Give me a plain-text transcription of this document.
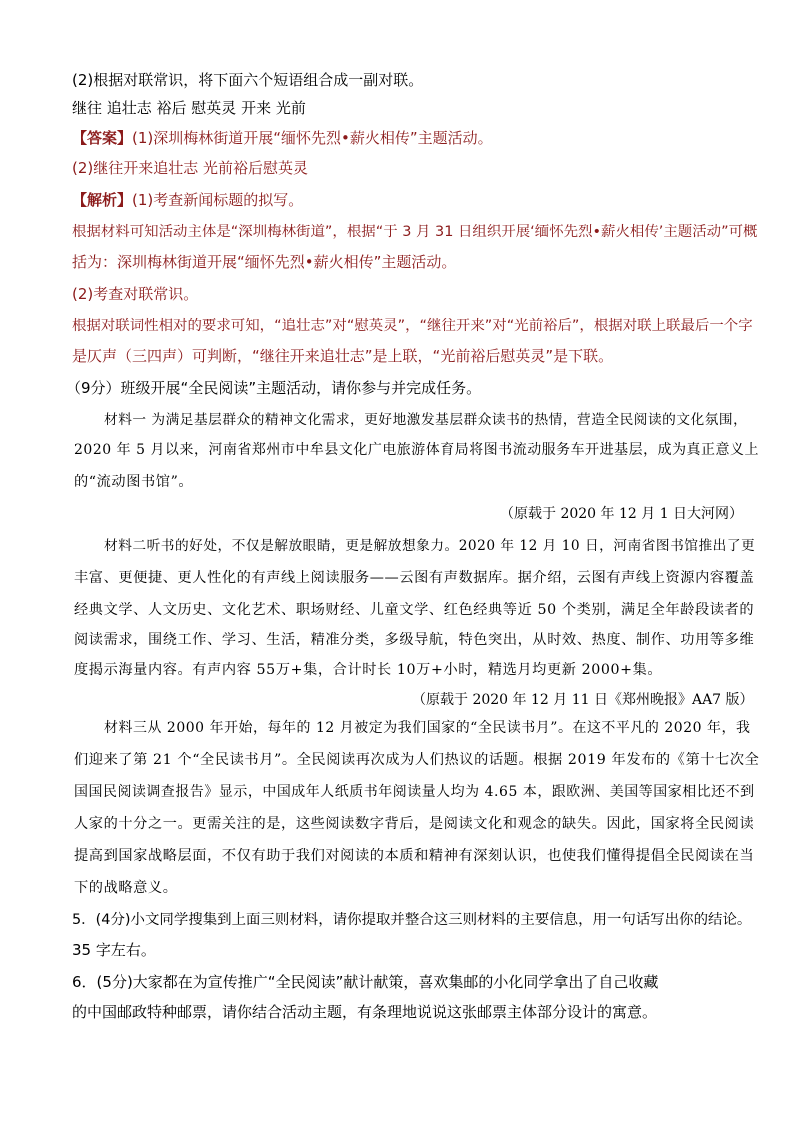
(2)根据对联常识，将下面六个短语组合成一副对联。
继往 追壮志 裕后 慰英灵 开来 光前
【答案】(1)深圳梅林街道开展“缅怀先烈•薪火相传”主题活动。
(2)继往开来追壮志 光前裕后慰英灵
【解析】(1)考查新闻标题的拟写。
根据材料可知活动主体是“深圳梅林街道”，根据“于 3 月 31 日组织开展‘缅怀先烈•薪火相传’主题活动”可概
括为：深圳梅林街道开展“缅怀先烈•薪火相传”主题活动。
(2)考查对联常识。
根据对联词性相对的要求可知，“追壮志”对“慰英灵”，“继往开来”对“光前裕后”，根据对联上联最后一个字
是仄声（三四声）可判断，“继往开来追壮志”是上联，“光前裕后慰英灵”是下联。
（9分）班级开展“全民阅读”主题活动，请你参与并完成任务。
材料一 为满足基层群众的精神文化需求，更好地激发基层群众读书的热情，营造全民阅读的文化氛围，
2020 年 5 月以来，河南省郑州市中牟县文化广电旅游体育局将图书流动服务车开进基层，成为真正意义上
的“流动图书馆”。
（原载于 2020 年 12 月 1 日大河网）
材料二听书的好处，不仅是解放眼睛，更是解放想象力。2020 年 12 月 10 日，河南省图书馆推出了更
丰富、更便捷、更人性化的有声线上阅读服务——云图有声数据库。据介绍，云图有声线上资源内容覆盖
经典文学、人文历史、文化艺术、职场财经、儿童文学、红色经典等近 50 个类别，满足全年龄段读者的
阅读需求，围绕工作、学习、生活，精准分类，多级导航，特色突出，从时效、热度、制作、功用等多维
度揭示海量内容。有声内容 55万+集，合计时长 10万+小时，精选月均更新 2000+集。
（原载于 2020 年 12 月 11 日《郑州晚报》AA7 版）
材料三从 2000 年开始，每年的 12 月被定为我们国家的“全民读书月”。在这不平凡的 2020 年，我
们迎来了第 21 个“全民读书月”。全民阅读再次成为人们热议的话题。根据 2019 年发布的《第十七次全
国国民阅读调查报告》显示，中国成年人纸质书年阅读量人均为 4.65 本，跟欧洲、美国等国家相比还不到
人家的十分之一。更需关注的是，这些阅读数字背后，是阅读文化和观念的缺失。因此，国家将全民阅读
提高到国家战略层面，不仅有助于我们对阅读的本质和精神有深刻认识，也使我们懂得提倡全民阅读在当
下的战略意义。
5．(4分)小文同学搜集到上面三则材料，请你提取并整合这三则材料的主要信息，用一句话写出你的结论。
35 字左右。
6．(5分)大家都在为宣传推广“全民阅读”献计献策，喜欢集邮的小化同学拿出了自己收藏
的中国邮政特种邮票，请你结合活动主题，有条理地说说这张邮票主体部分设计的寓意。
